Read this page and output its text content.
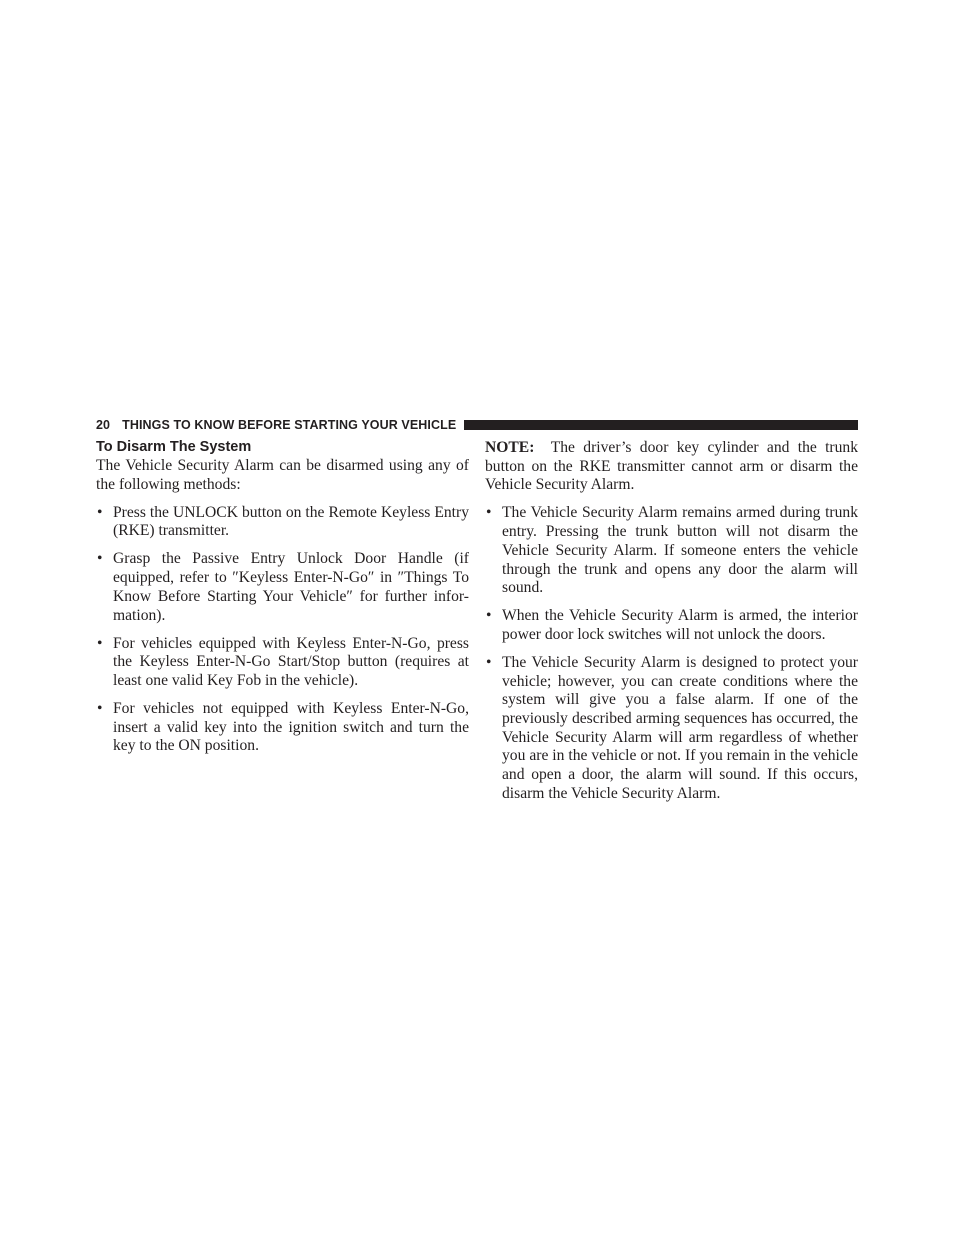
20 THINGS TO KNOW BEFORE STARTING YOUR VEHICLE
To Disarm The System

The Vehicle Security Alarm can be disarmed using any of the following methods:

• Press the UNLOCK button on the Remote Keyless Entry (RKE) transmitter.
• Grasp the Passive Entry Unlock Door Handle (if equipped, refer to ″Keyless Enter-N-Go″ in ″Things To Know Before Starting Your Vehicle″ for further infor-mation).
• For vehicles equipped with Keyless Enter-N-Go, press the Keyless Enter-N-Go Start/Stop button (requires at least one valid Key Fob in the vehicle).
• For vehicles not equipped with Keyless Enter-N-Go, insert a valid key into the ignition switch and turn the key to the ON position.

NOTE: The driver’s door key cylinder and the trunk button on the RKE transmitter cannot arm or disarm the Vehicle Security Alarm.

• The Vehicle Security Alarm remains armed during trunk entry. Pressing the trunk button will not disarm the Vehicle Security Alarm. If someone enters the vehicle through the trunk and opens any door the alarm will sound.
• When the Vehicle Security Alarm is armed, the interior power door lock switches will not unlock the doors.
• The Vehicle Security Alarm is designed to protect your vehicle; however, you can create conditions where the system will give you a false alarm. If one of the previously described arming sequences has occurred, the Vehicle Security Alarm will arm regardless of whether you are in the vehicle or not. If you remain in the vehicle and open a door, the alarm will sound. If this occurs, disarm the Vehicle Security Alarm.
